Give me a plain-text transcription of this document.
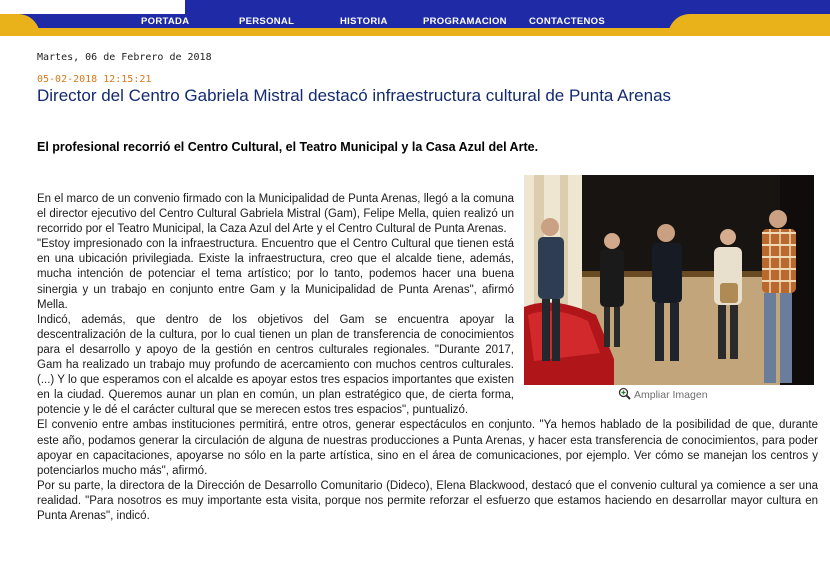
PORTADA	PERSONAL	HISTORIA	PROGRAMACION CONTACTENOS
Martes, 06 de Febrero de 2018
05-02-2018 12:15:21
Director del Centro Gabriela Mistral destacó infraestructura cultural de Punta Arenas
El profesional recorrió el Centro Cultural, el Teatro Municipal y la Casa Azul del Arte.
Ampliar Imagen

En el marco de un convenio firmado con la Municipalidad de Punta Arenas, llegó a la comuna el director ejecutivo del Centro Cultural Gabriela Mistral (Gam), Felipe Mella, quien realizó un recorrido por el Teatro Municipal, la Caza Azul del Arte y el Centro Cultural de Punta Arenas.

"Estoy impresionado con la infraestructura. Encuentro que el Centro Cultural que tienen está en una ubicación privilegiada. Existe la infraestructura, creo que el alcalde tiene, además, mucha intención de potenciar el tema artístico; por lo tanto, podemos hacer una buena sinergia y un trabajo en conjunto entre Gam y la Municipalidad de Punta Arenas", afirmó Mella.

Indicó, además, que dentro de los objetivos del Gam se encuentra apoyar la descentralización de la cultura, por lo cual tienen un plan de transferencia de conocimientos para el desarrollo y apoyo de la gestión en centros culturales regionales. "Durante 2017, Gam ha realizado un trabajo muy profundo de acercamiento con muchos centros culturales. (...) Y lo que esperamos con el alcalde es apoyar estos tres espacios importantes que existen en la ciudad. Queremos aunar un plan en común, un plan estratégico que, de cierta forma, potencie y le dé el carácter cultural que se merecen estos tres espacios", puntualizó.

El convenio entre ambas instituciones permitirá, entre otros, generar espectáculos en conjunto. "Ya hemos hablado de la posibilidad de que, durante este año, podamos generar la circulación de alguna de nuestras producciones a Punta Arenas, y hacer esta transferencia de conocimientos, para poder apoyar en capacitaciones, apoyarse no sólo en la parte artística, sino en el área de comunicaciones, por ejemplo. Ver cómo se manejan los centros y potenciarlos mucho más", afirmó.

Por su parte, la directora de la Dirección de Desarrollo Comunitario (Dideco), Elena Blackwood, destacó que el convenio cultural ya comience a ser una realidad. "Para nosotros es muy importante esta visita, porque nos permite reforzar el esfuerzo que estamos haciendo en desarrollar mayor cultura en Punta Arenas", indicó.
